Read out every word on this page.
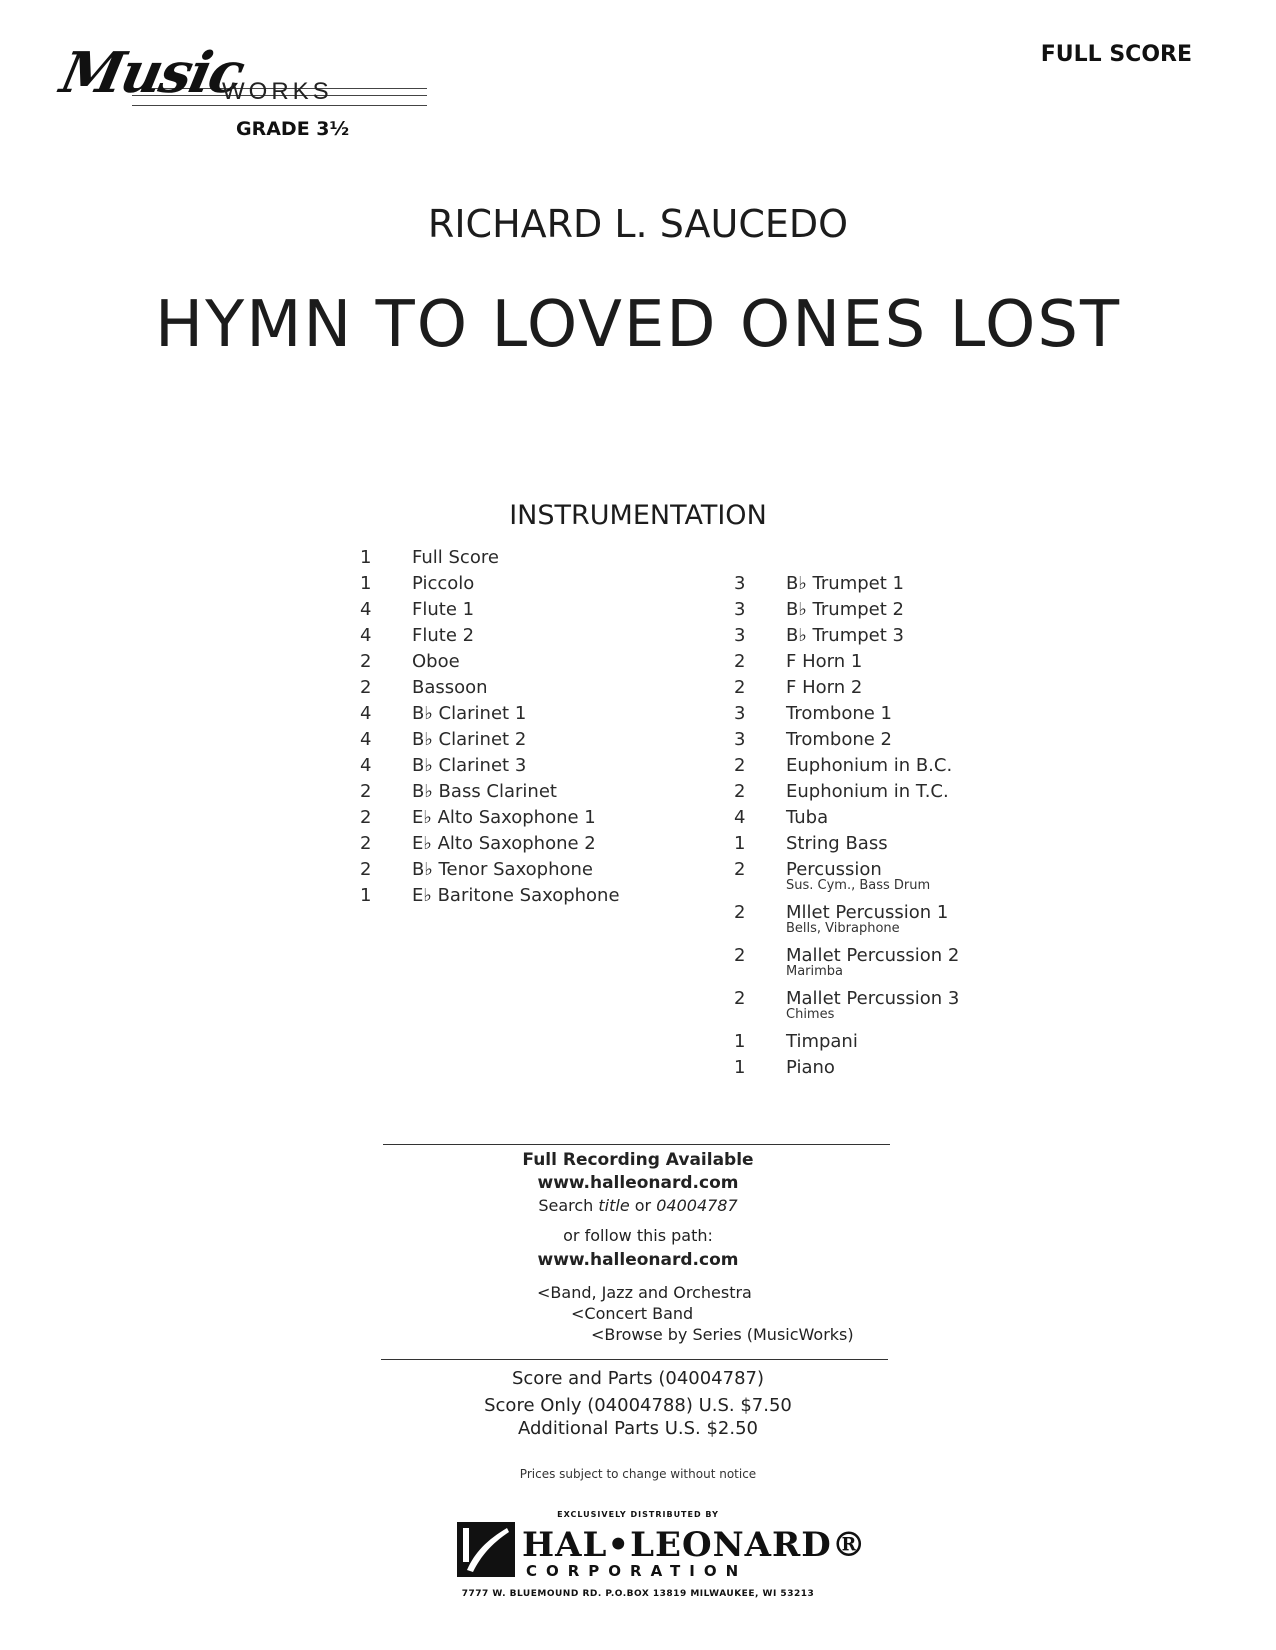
Music
WORKS
GRADE 3½
FULL SCORE
RICHARD L. SAUCEDO
HYMN TO LOVED ONES LOST
INSTRUMENTATION
1	Full Score
1	Piccolo
4	Flute 1
4	Flute 2
2	Oboe
2	Bassoon
4	B♭ Clarinet 1
4	B♭ Clarinet 2
4	B♭ Clarinet 3
2	B♭ Bass Clarinet
2	E♭ Alto Saxophone 1
2	E♭ Alto Saxophone 2
2	B♭ Tenor Saxophone
1	E♭ Baritone Saxophone
3	B♭ Trumpet 1
3	B♭ Trumpet 2
3	B♭ Trumpet 3
2	F Horn 1
2	F Horn 2
3	Trombone 1
3	Trombone 2
2	Euphonium in B.C.
2	Euphonium in T.C.
4	Tuba
1	String Bass
2	Percussion
Sus. Cym., Bass Drum
2	Mllet Percussion 1
Bells, Vibraphone
2	Mallet Percussion 2
Marimba
2	Mallet Percussion 3
Chimes
1	Timpani
1	Piano
Full Recording Available
www.halleonard.com
Search title or 04004787
or follow this path:
www.halleonard.com
<Band, Jazz and Orchestra
<Concert Band
<Browse by Series (MusicWorks)
Score and Parts (04004787)
Score Only (04004788) U.S. $7.50
Additional Parts U.S. $2.50
Prices subject to change without notice
EXCLUSIVELY DISTRIBUTED BY
HAL•LEONARD®
CORPORATION
7777 W. BLUEMOUND RD. P.O.BOX 13819 MILWAUKEE, WI 53213
